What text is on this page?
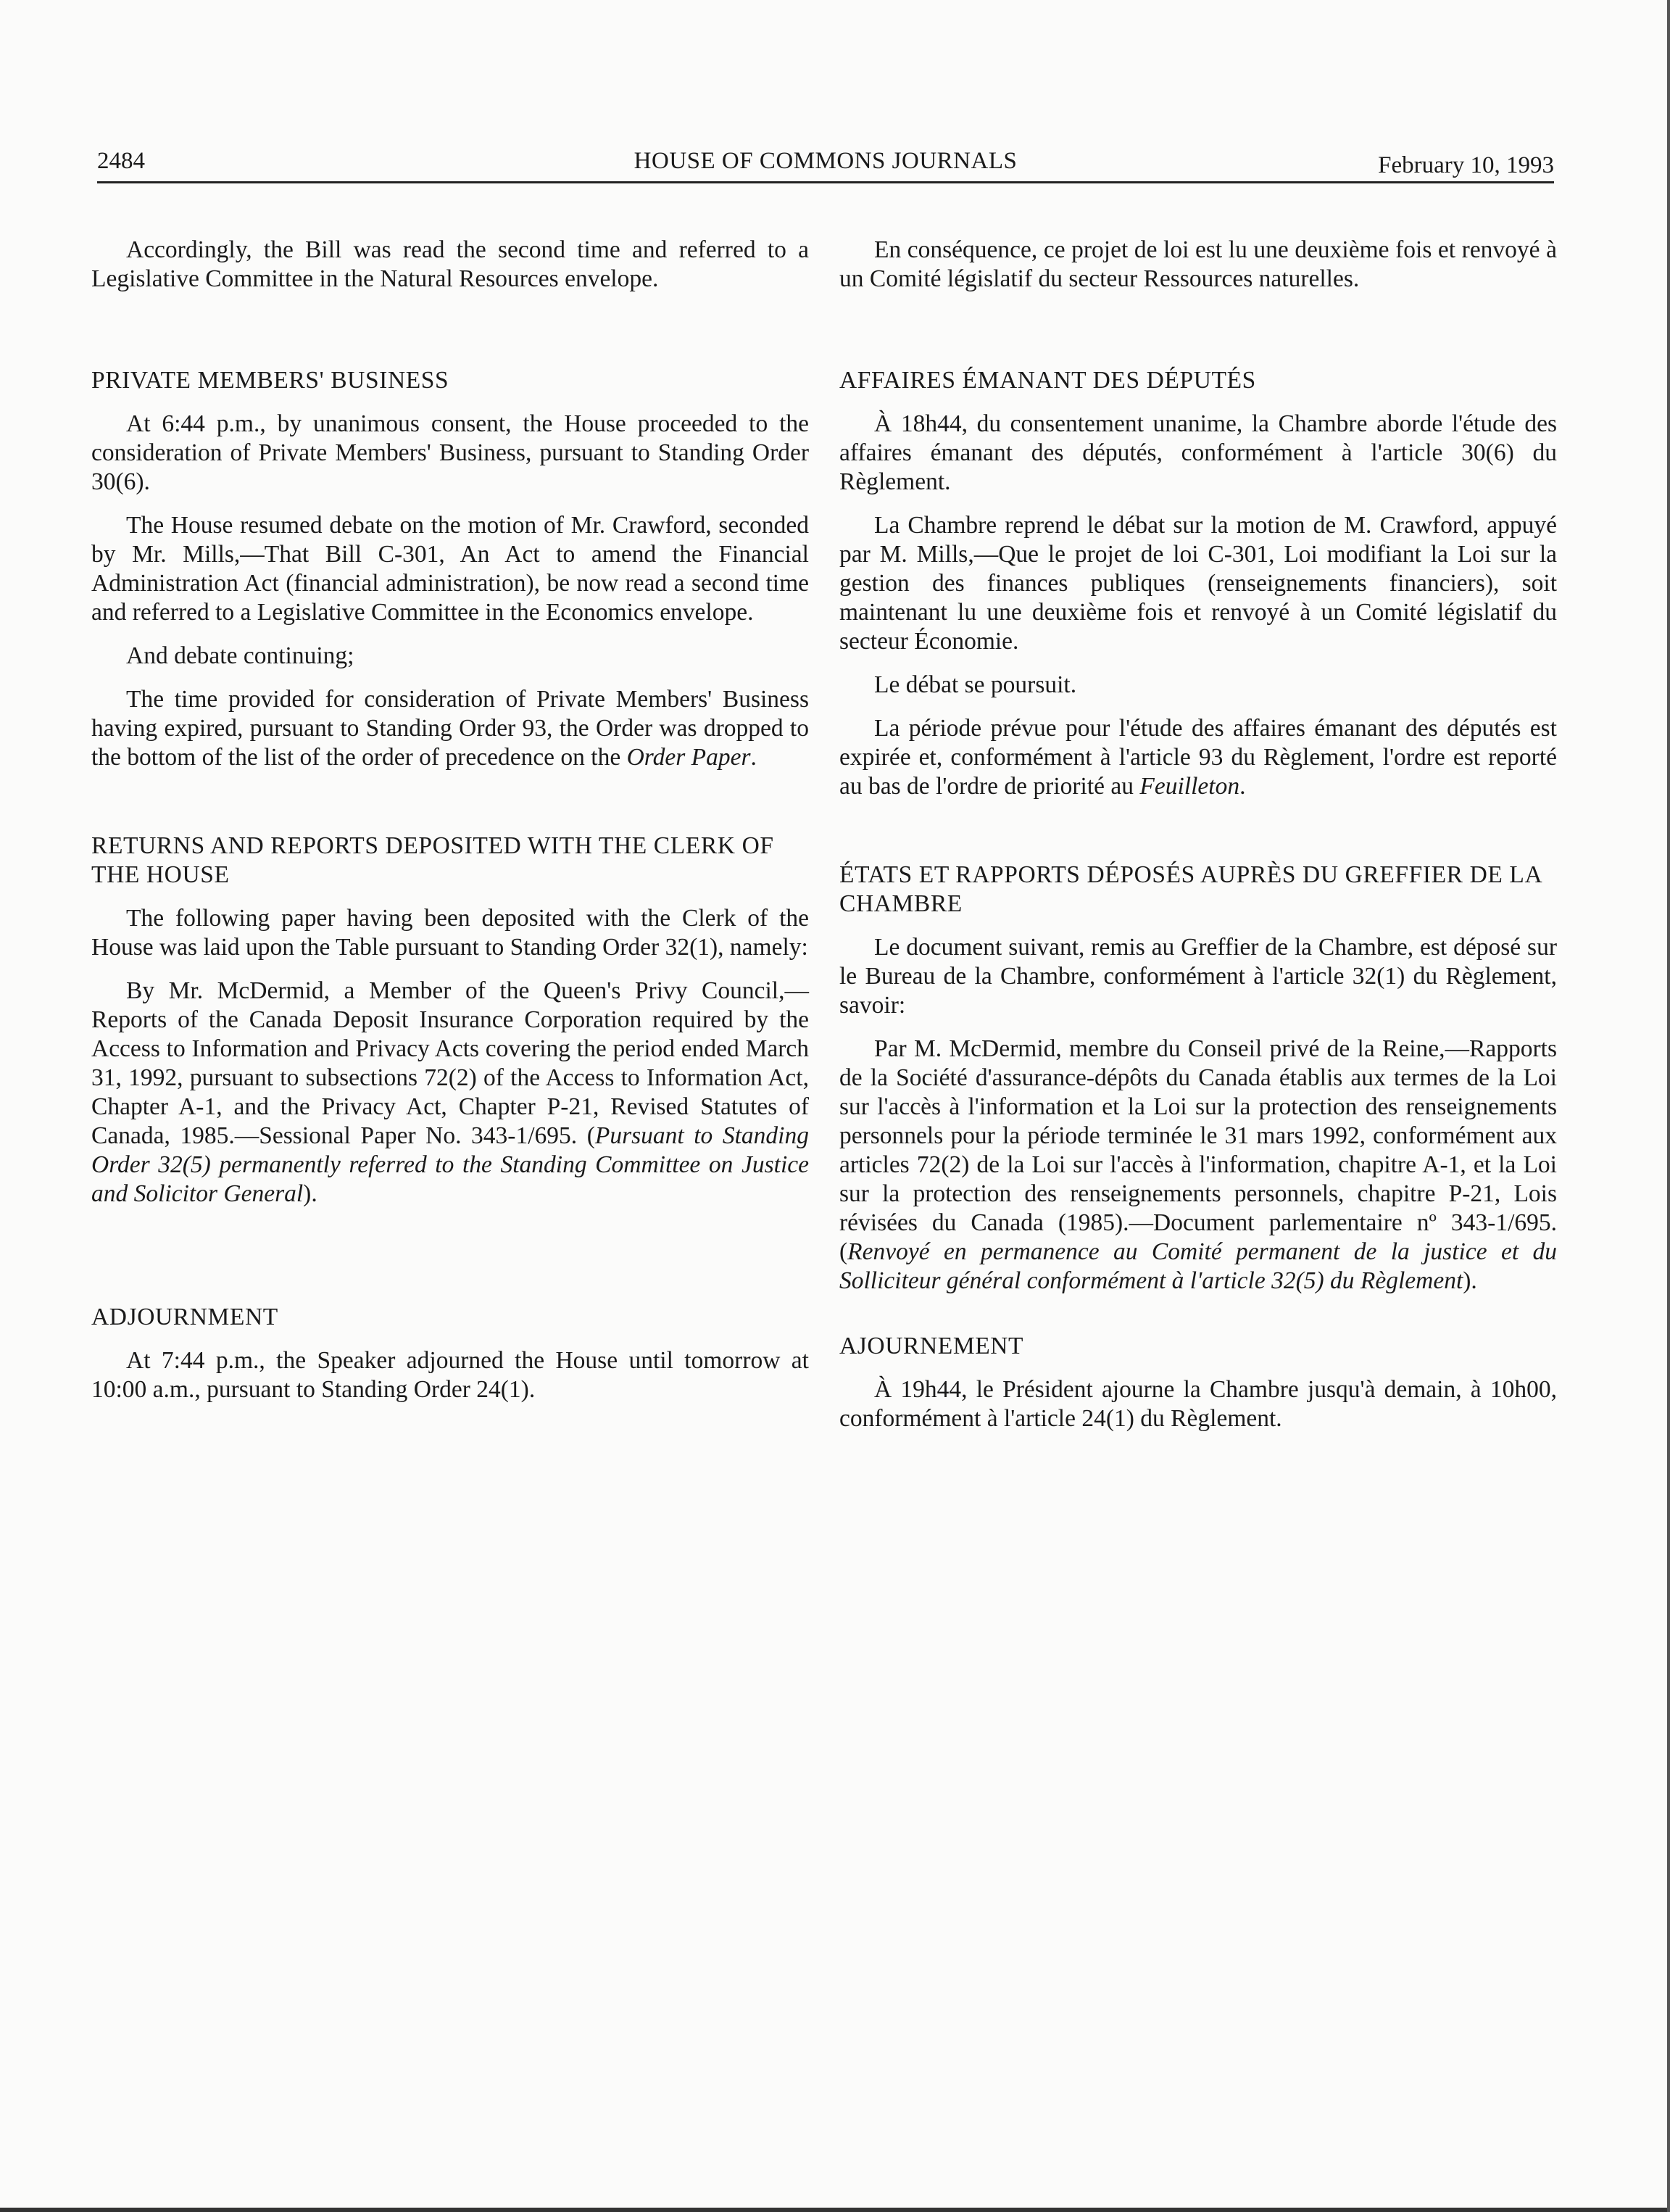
2484	HOUSE OF COMMONS JOURNALS	February 10, 1993

Accordingly, the Bill was read the second time and referred to a Legislative Committee in the Natural Resources envelope.

PRIVATE MEMBERS' BUSINESS

At 6:44 p.m., by unanimous consent, the House proceeded to the consideration of Private Members' Business, pursuant to Standing Order 30(6).

The House resumed debate on the motion of Mr. Crawford, seconded by Mr. Mills,—That Bill C-301, An Act to amend the Financial Administration Act (financial administration), be now read a second time and referred to a Legislative Committee in the Economics envelope.

And debate continuing;

The time provided for consideration of Private Members' Business having expired, pursuant to Standing Order 93, the Order was dropped to the bottom of the list of the order of precedence on the Order Paper.

RETURNS AND REPORTS DEPOSITED WITH THE CLERK OF THE HOUSE

The following paper having been deposited with the Clerk of the House was laid upon the Table pursuant to Standing Order 32(1), namely:

By Mr. McDermid, a Member of the Queen's Privy Council,—Reports of the Canada Deposit Insurance Corporation required by the Access to Information and Privacy Acts covering the period ended March 31, 1992, pursuant to subsections 72(2) of the Access to Information Act, Chapter A-1, and the Privacy Act, Chapter P-21, Revised Statutes of Canada, 1985.—Sessional Paper No. 343-1/695. (Pursuant to Standing Order 32(5) permanently referred to the Standing Committee on Justice and Solicitor General).

ADJOURNMENT

At 7:44 p.m., the Speaker adjourned the House until tomorrow at 10:00 a.m., pursuant to Standing Order 24(1).

En conséquence, ce projet de loi est lu une deuxième fois et renvoyé à un Comité législatif du secteur Ressources naturelles.

AFFAIRES ÉMANANT DES DÉPUTÉS

À 18h44, du consentement unanime, la Chambre aborde l'étude des affaires émanant des députés, conformément à l'article 30(6) du Règlement.

La Chambre reprend le débat sur la motion de M. Crawford, appuyé par M. Mills,—Que le projet de loi C-301, Loi modifiant la Loi sur la gestion des finances publiques (renseignements financiers), soit maintenant lu une deuxième fois et renvoyé à un Comité législatif du secteur Économie.

Le débat se poursuit.

La période prévue pour l'étude des affaires émanant des députés est expirée et, conformément à l'article 93 du Règlement, l'ordre est reporté au bas de l'ordre de priorité au Feuilleton.

ÉTATS ET RAPPORTS DÉPOSÉS AUPRÈS DU GREFFIER DE LA CHAMBRE

Le document suivant, remis au Greffier de la Chambre, est déposé sur le Bureau de la Chambre, conformément à l'article 32(1) du Règlement, savoir:

Par M. McDermid, membre du Conseil privé de la Reine,—Rapports de la Société d'assurance-dépôts du Canada établis aux termes de la Loi sur l'accès à l'information et la Loi sur la protection des renseignements personnels pour la période terminée le 31 mars 1992, conformément aux articles 72(2) de la Loi sur l'accès à l'information, chapitre A-1, et la Loi sur la protection des renseignements personnels, chapitre P-21, Lois révisées du Canada (1985).—Document parlementaire nº 343-1/695. (Renvoyé en permanence au Comité permanent de la justice et du Solliciteur général conformément à l'article 32(5) du Règlement).

AJOURNEMENT

À 19h44, le Président ajourne la Chambre jusqu'à demain, à 10h00, conformément à l'article 24(1) du Règlement.
